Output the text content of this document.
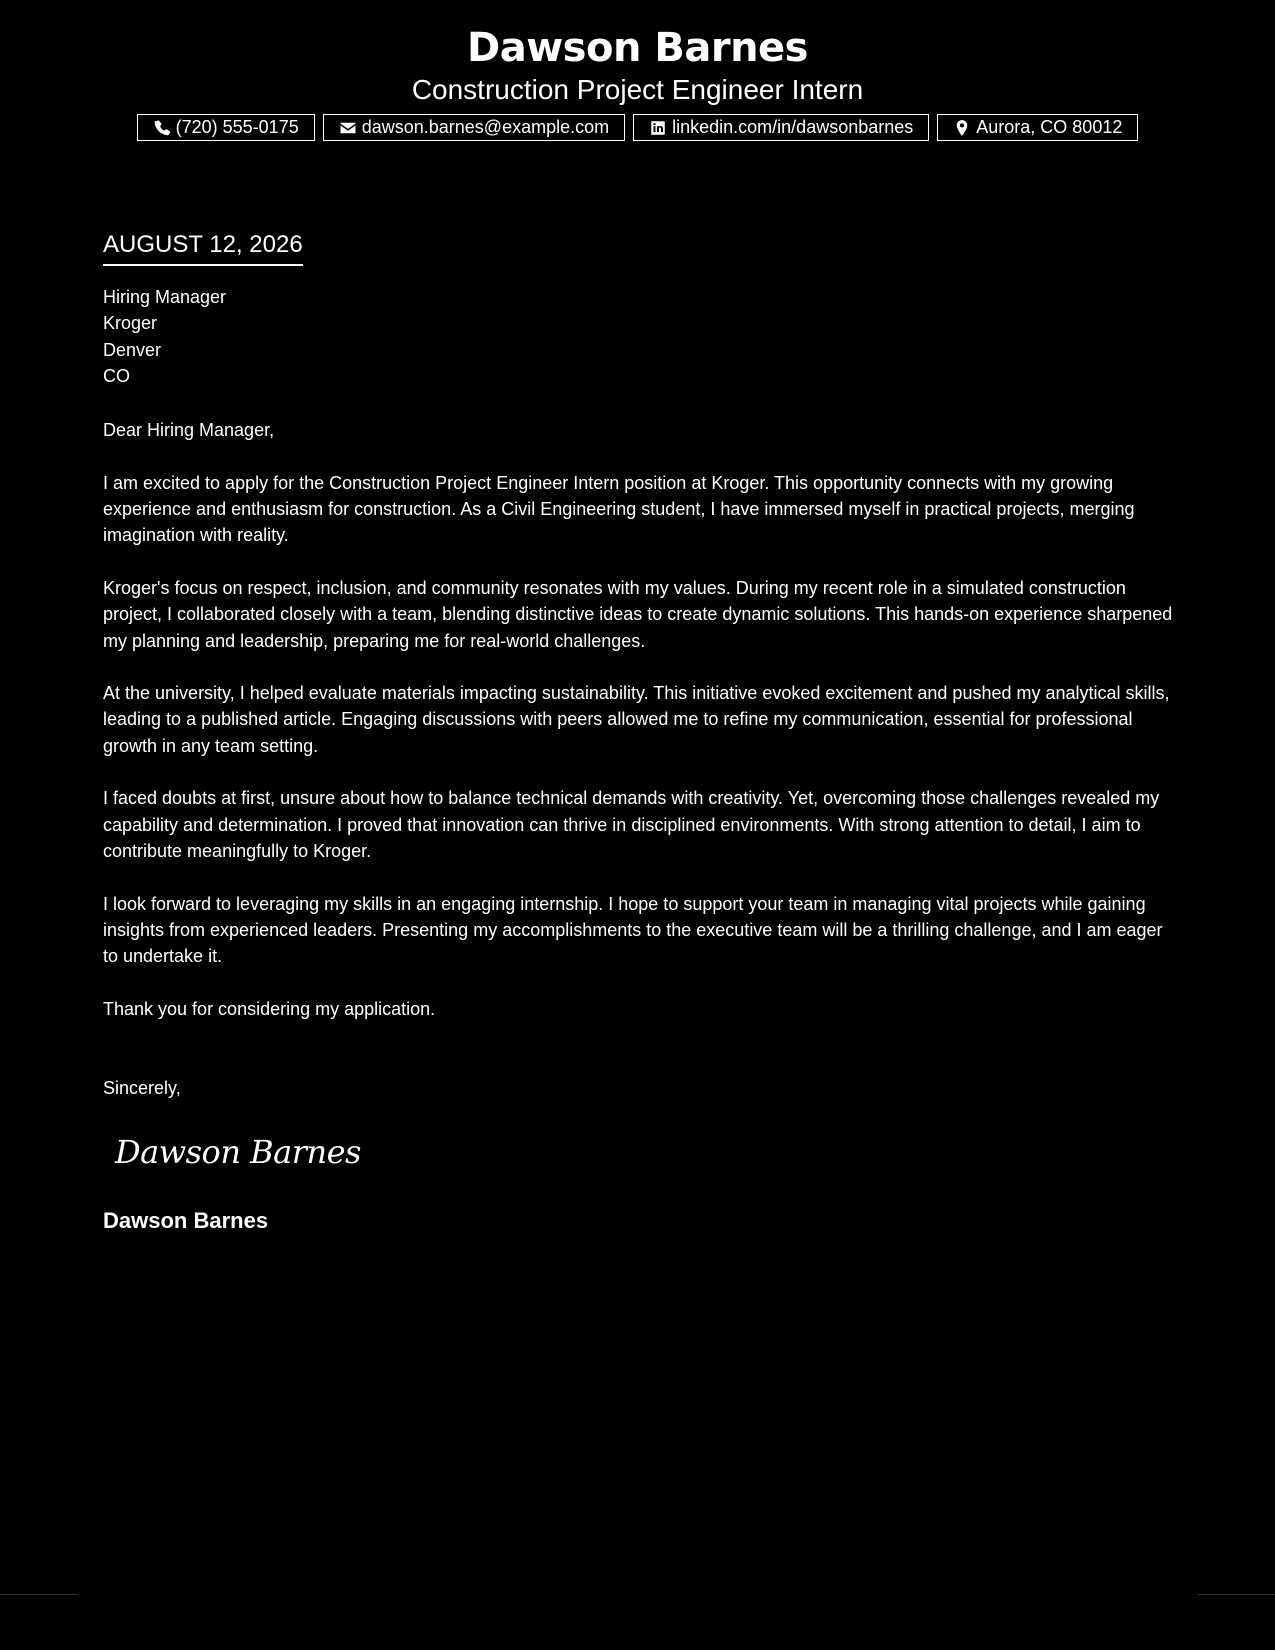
Dawson Barnes
Construction Project Engineer Intern
(720) 555-0175	dawson.barnes@example.com	linkedin.com/in/dawsonbarnes	Aurora, CO 80012
AUGUST 12, 2026
Hiring Manager
Kroger
Denver
CO

Dear Hiring Manager,

I am excited to apply for the Construction Project Engineer Intern position at Kroger. This opportunity connects with my growing experience and enthusiasm for construction. As a Civil Engineering student, I have immersed myself in practical projects, merging imagination with reality.

Kroger's focus on respect, inclusion, and community resonates with my values. During my recent role in a simulated construction project, I collaborated closely with a team, blending distinctive ideas to create dynamic solutions. This hands-on experience sharpened my planning and leadership, preparing me for real-world challenges.

At the university, I helped evaluate materials impacting sustainability. This initiative evoked excitement and pushed my analytical skills, leading to a published article. Engaging discussions with peers allowed me to refine my communication, essential for professional growth in any team setting.

I faced doubts at first, unsure about how to balance technical demands with creativity. Yet, overcoming those challenges revealed my capability and determination. I proved that innovation can thrive in disciplined environments. With strong attention to detail, I aim to contribute meaningfully to Kroger.

I look forward to leveraging my skills in an engaging internship. I hope to support your team in managing vital projects while gaining insights from experienced leaders. Presenting my accomplishments to the executive team will be a thrilling challenge, and I am eager to undertake it.

Thank you for considering my application.

Sincerely,
Dawson Barnes
Dawson Barnes
